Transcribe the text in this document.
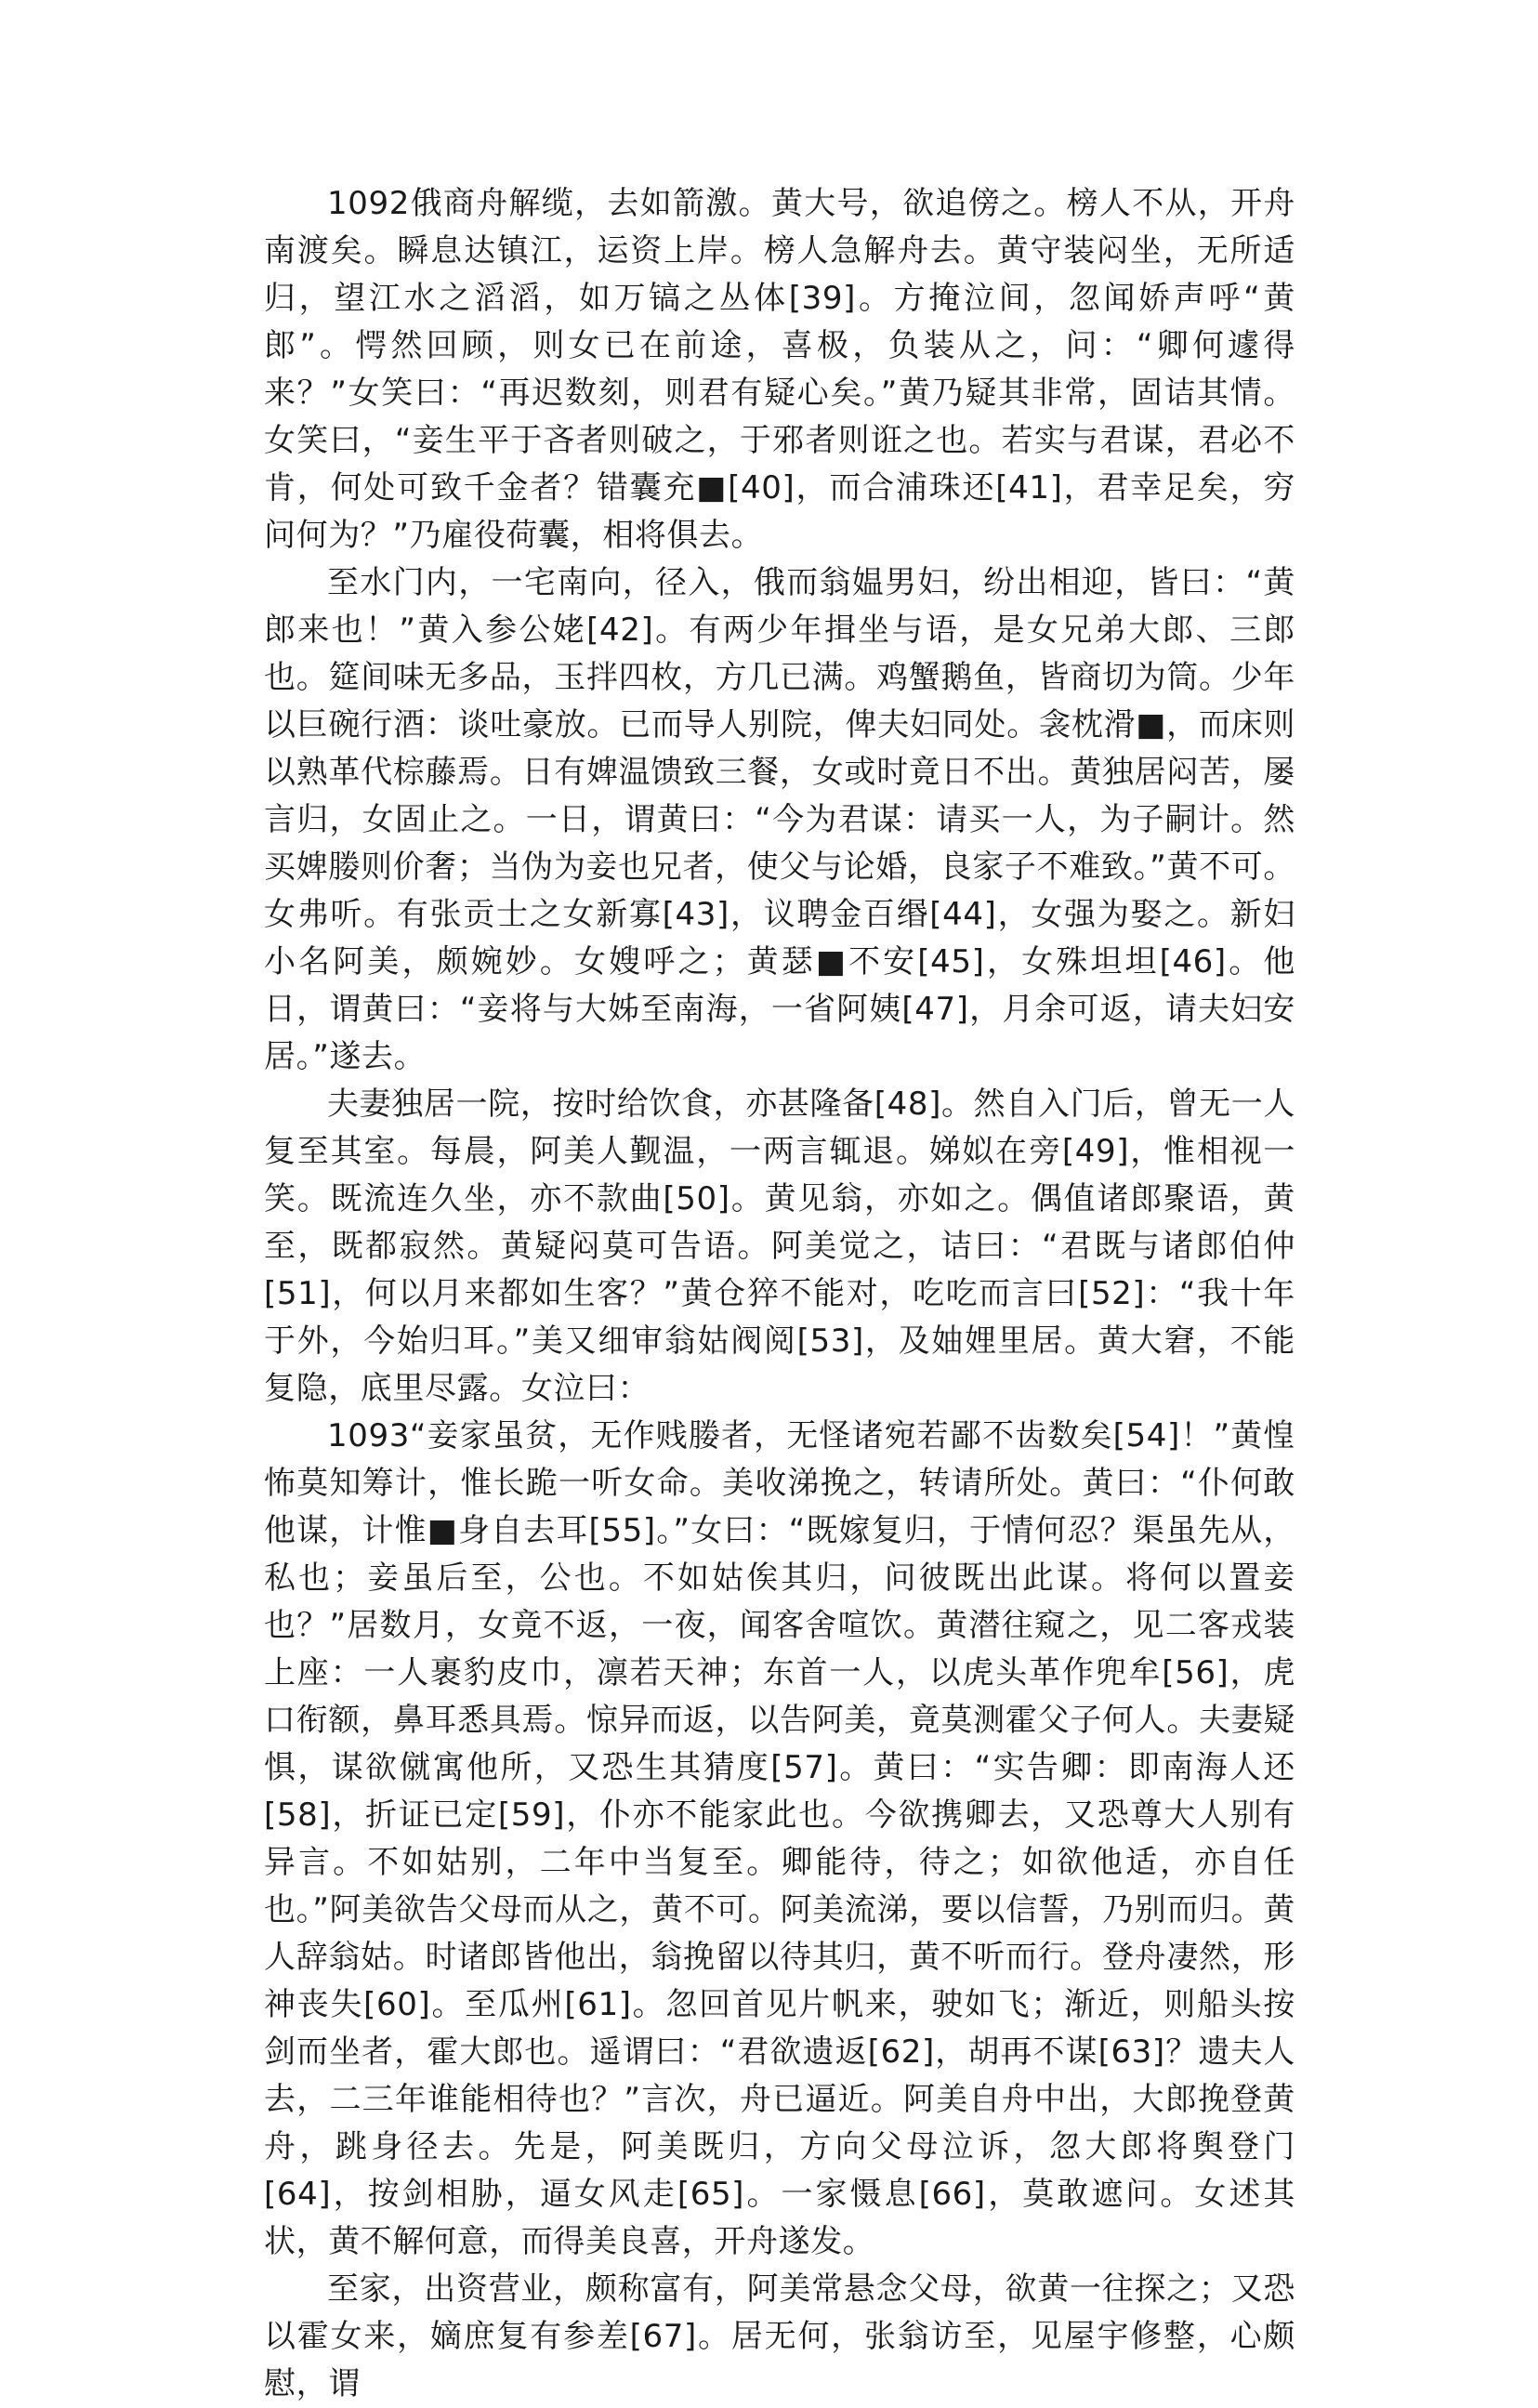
1092俄商舟解缆，去如箭激。黄大号，欲追傍之。榜人不从，开舟南渡矣。瞬息达镇江，运资上岸。榜人急解舟去。黄守装闷坐，无所适归，望江水之滔滔，如万镐之丛体[39]。方掩泣间，忽闻娇声呼“黄郎”。愕然回顾，则女已在前途，喜极，负装从之，问：“卿何遽得来？”女笑曰：“再迟数刻，则君有疑心矣。”黄乃疑其非常，固诘其情。女笑曰，“妾生平于吝者则破之，于邪者则诳之也。若实与君谋，君必不肯，何处可致千金者？错囊充■[40]，而合浦珠还[41]，君幸足矣，穷问何为？”乃雇役荷囊，相将俱去。

至水门内，一宅南向，径入，俄而翁媪男妇，纷出相迎，皆曰：“黄郎来也！”黄入参公姥[42]。有两少年揖坐与语，是女兄弟大郎、三郎也。筵间味无多品，玉拌四枚，方几已满。鸡蟹鹅鱼，皆商切为筒。少年以巨碗行酒：谈吐豪放。已而导人别院，俾夫妇同处。衾枕滑■，而床则以熟革代棕藤焉。日有婢温馈致三餐，女或时竟日不出。黄独居闷苦，屡言归，女固止之。一日，谓黄曰：“今为君谋：请买一人，为子嗣计。然买婢媵则价奢；当伪为妾也兄者，使父与论婚，良家子不难致。”黄不可。女弗听。有张贡士之女新寡[43]，议聘金百缗[44]，女强为娶之。新妇小名阿美，颇婉妙。女嫂呼之；黄瑟■不安[45]，女殊坦坦[46]。他日，谓黄曰：“妾将与大姊至南海，一省阿姨[47]，月余可返，请夫妇安居。”遂去。

夫妻独居一院，按时给饮食，亦甚隆备[48]。然自入门后，曾无一人复至其室。每晨，阿美人觐温，一两言辄退。娣姒在旁[49]，惟相视一笑。既流连久坐，亦不款曲[50]。黄见翁，亦如之。偶值诸郎聚语，黄至，既都寂然。黄疑闷莫可告语。阿美觉之，诘曰：“君既与诸郎伯仲[51]，何以月来都如生客？”黄仓猝不能对，吃吃而言曰[52]：“我十年于外，今始归耳。”美又细审翁姑阀阅[53]，及妯娌里居。黄大窘，不能复隐，底里尽露。女泣曰：

1093“妾家虽贫，无作贱媵者，无怪诸宛若鄙不齿数矣[54]！”黄惶怖莫知筹计，惟长跪一听女命。美收涕挽之，转请所处。黄曰：“仆何敢他谋，计惟■身自去耳[55]。”女曰：“既嫁复归，于情何忍？渠虽先从，私也；妾虽后至，公也。不如姑俟其归，问彼既出此谋。将何以置妾也？”居数月，女竟不返，一夜，闻客舍喧饮。黄潜往窥之，见二客戎装上座：一人裹豹皮巾，凛若天神；东首一人，以虎头革作兜牟[56]，虎口衔额，鼻耳悉具焉。惊异而返，以告阿美，竟莫测霍父子何人。夫妻疑惧，谋欲僦寓他所，又恐生其猜度[57]。黄曰：“实告卿：即南海人还[58]，折证已定[59]，仆亦不能家此也。今欲携卿去，又恐尊大人别有异言。不如姑别，二年中当复至。卿能待，待之；如欲他适，亦自任也。”阿美欲告父母而从之，黄不可。阿美流涕，要以信誓，乃别而归。黄人辞翁姑。时诸郎皆他出，翁挽留以待其归，黄不听而行。登舟凄然，形神丧失[60]。至瓜州[61]。忽回首见片帆来，驶如飞；渐近，则船头按剑而坐者，霍大郎也。遥谓曰：“君欲遗返[62]，胡再不谋[63]？遗夫人去，二三年谁能相待也？”言次，舟已逼近。阿美自舟中出，大郎挽登黄舟，跳身径去。先是，阿美既归，方向父母泣诉，忽大郎将舆登门[64]，按剑相胁，逼女风走[65]。一家慑息[66]，莫敢遮问。女述其状，黄不解何意，而得美良喜，开舟遂发。

至家，出资营业，颇称富有，阿美常悬念父母，欲黄一往探之；又恐以霍女来，嫡庶复有参差[67]。居无何，张翁访至，见屋宇修整，心颇慰，谓
